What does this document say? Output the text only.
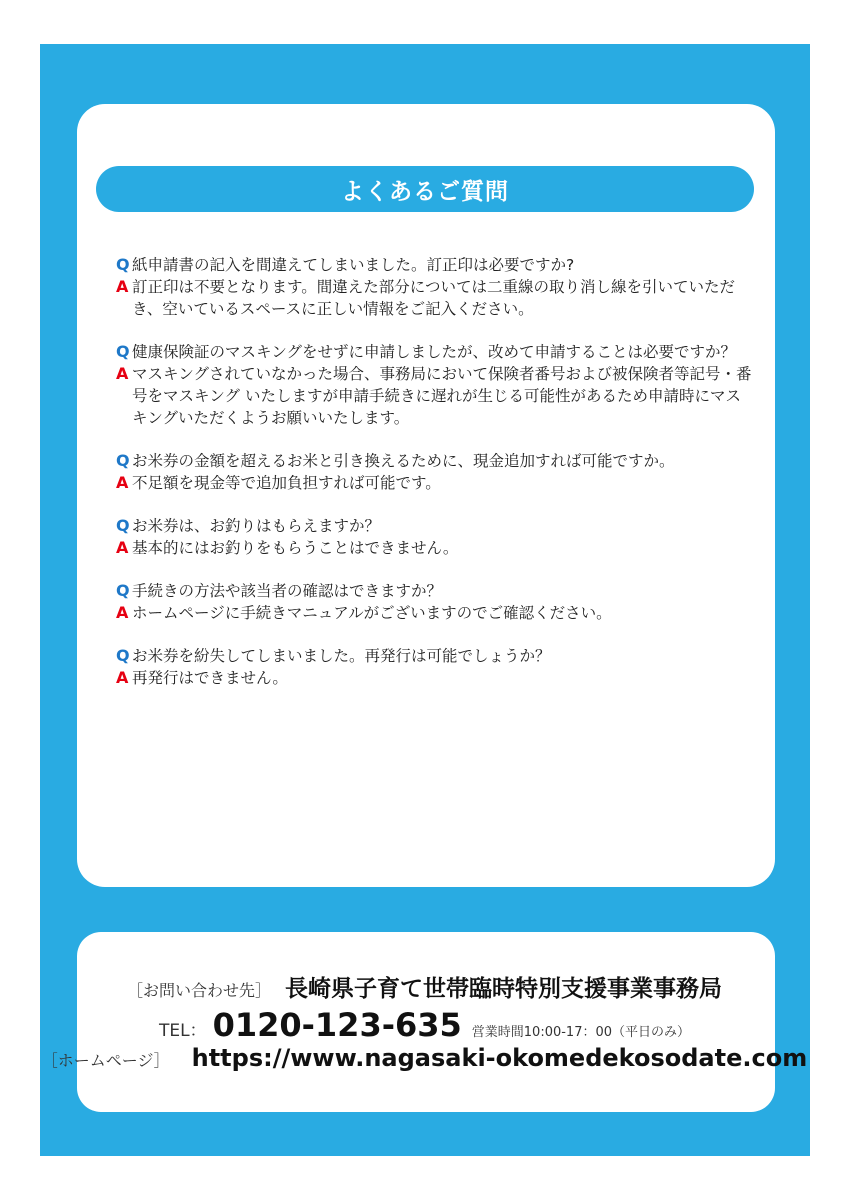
よくあるご質問
Q 紙申請書の記入を間違えてしまいました。訂正印は必要ですか?
A 訂正印は不要となります。間違えた部分については二重線の取り消し線を引いていただき、空いているスペースに正しい情報をご記入ください。
Q 健康保険証のマスキングをせずに申請しましたが、改めて申請することは必要ですか？
A マスキングされていなかった場合、事務局において保険者番号および被保険者等記号・番号をマスキング いたしますが申請手続きに遅れが生じる可能性があるため申請時にマスキングいただくようお願いいたします。
Q お米券の金額を超えるお米と引き換えるために、現金追加すれば可能ですか。
A 不足額を現金等で追加負担すれば可能です。
Q お米券は、お釣りはもらえますか？
A 基本的にはお釣りをもらうことはできません。
Q 手続きの方法や該当者の確認はできますか？
A ホームページに手続きマニュアルがございますのでご確認ください。
Q お米券を紛失してしまいました。再発行は可能でしょうか？
A 再発行はできません。
［お問い合わせ先］ 長崎県子育て世帯臨時特別支援事業事務局
TEL： 0120-123-635 営業時間10:00-17：00（平日のみ）
［ホームページ］ https://www.nagasaki-okomedekosodate.com
